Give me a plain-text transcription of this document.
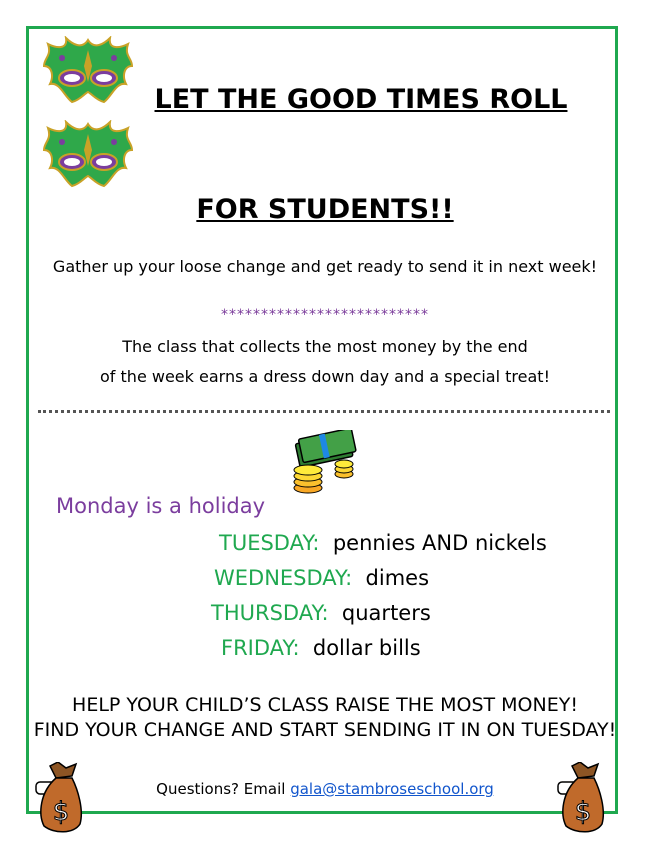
LET THE GOOD TIMES ROLL
FOR STUDENTS!!
Gather up your loose change and get ready to send it in next week!
**************************
The class that collects the most money by the end
of the week earns a dress down day and a special treat!
Monday is a holiday
TUESDAY: pennies AND nickels
WEDNESDAY: dimes
THURSDAY: quarters
FRIDAY: dollar bills
HELP YOUR CHILD’S CLASS RAISE THE MOST MONEY!
FIND YOUR CHANGE AND START SENDING IT IN ON TUESDAY!
$
Questions? Email gala@stambroseschool.org
$
